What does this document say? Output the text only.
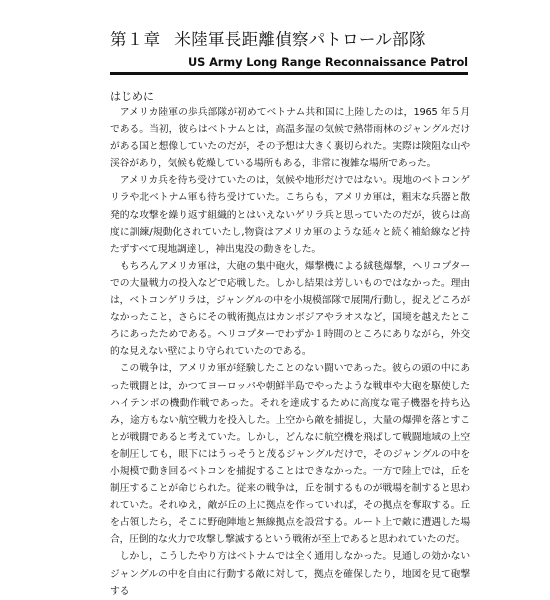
第１章 米陸軍長距離偵察パトロール部隊
US Army Long Range Reconnaissance Patrol
はじめに

アメリカ陸軍の歩兵部隊が初めてベトナム共和国に上陸したのは，1965 年５月である。当初，彼らはベトナムとは，高温多湿の気候で熱帯雨林のジャングルだけがある国と想像していたのだが，その予想は大きく裏切られた。実際は険阻な山や渓谷があり，気候も乾燥している場所もある，非常に複雑な場所であった。

アメリカ兵を待ち受けていたのは，気候や地形だけではない。現地のベトコンゲリラや北ベトナム軍も待ち受けていた。こちらも，アメリカ軍は，粗末な兵器と散発的な攻撃を繰り返す組織的とはいえないゲリラ兵と思っていたのだが，彼らは高度に訓練/規動化されていたし,物資はアメリカ軍のような延々と続く補給線など持たずすべて現地調達し，神出鬼没の動きをした。

もちろんアメリカ軍は，大砲の集中砲火，爆撃機による絨毯爆撃，ヘリコプターでの大量戦力の投入などで応戦した。しかし結果は芳しいものではなかった。理由は，ベトコンゲリラは，ジャングルの中を小規模部隊で展開/行動し，捉えどころがなかったこと，さらにその戦術拠点はカンボジアやラオスなど，国境を越えたところにあったためである。ヘリコプターでわずか１時間のところにありながら，外交的な見えない壁により守られていたのである。

この戦争は，アメリカ軍が経験したことのない闘いであった。彼らの頭の中にあった戦闘とは，かつてヨーロッパや朝鮮半島でやったような戦車や大砲を駆使したハイテンポの機動作戦であった。それを達成するために高度な電子機器を持ち込み，途方もない航空戦力を投入した。上空から敵を捕捉し，大量の爆弾を落とすことが戦闘であると考えていた。しかし，どんなに航空機を飛ばして戦闘地域の上空を制圧しても，眼下にはうっそうと茂るジャングルだけで，そのジャングルの中を小規模で動き回るベトコンを捕捉することはできなかった。一方で陸上では，丘を制圧することが命じられた。従来の戦争は，丘を制するものが戦場を制すると思われていた。それゆえ，敵が丘の上に拠点を作っていれば，その拠点を奪取する。丘を占領したら，そこに野砲陣地と無線拠点を設営する。ルート上で敵に遭遇した場合，圧倒的な火力で攻撃し撃滅するという戦術が至上であると思われていたのだ。

しかし，こうしたやり方はベトナムでは全く通用しなかった。見通しの効かないジャングルの中を自由に行動する敵に対して，拠点を確保したり，地図を見て砲撃する
